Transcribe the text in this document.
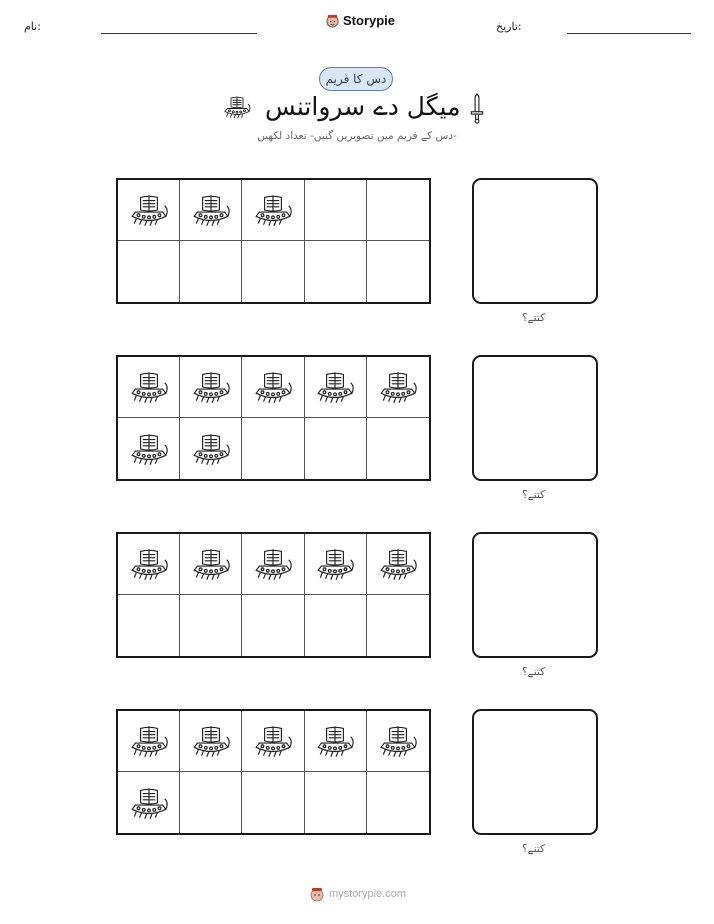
نام:	Storypie	تاریخ:
دس کا فریم
میگل دے سرواتنس
دس کے فریم میں تصویریں گنیں- تعداد لکھیں-
کتنے؟
کتنے؟
کتنے؟
کتنے؟
mystorypie.com
